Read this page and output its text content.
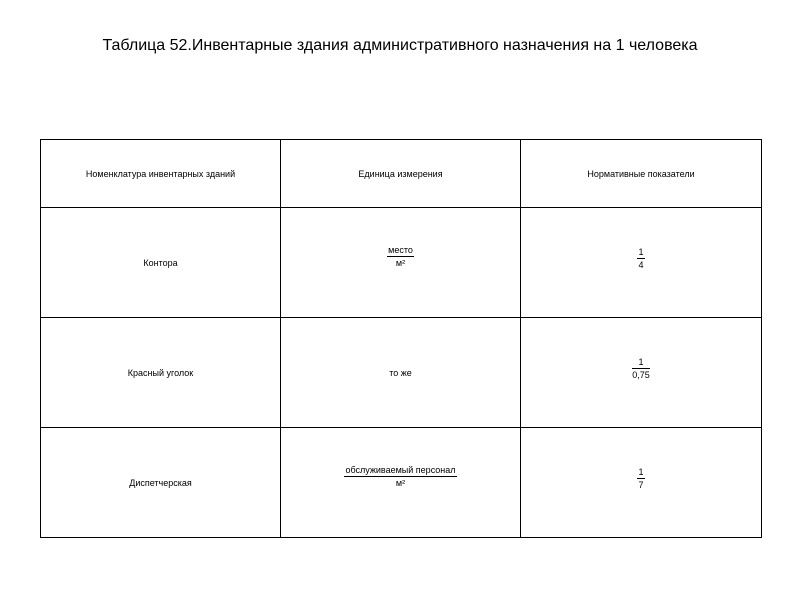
Таблица 52.Инвентарные здания административного назначения на 1 человека
Номенклатура инвентарных зданий	Единица измерения	Нормативные показатели
Контора	$\frac{\text{место}}{\text{м²}}$	$\frac{1}{4}$

Красный уголок	то же	$\frac{1}{0,75}$

Диспетчерская	$\frac{\text{обслуживаемый персонал}}{\text{м²}}$	$\frac{1}{7}$
